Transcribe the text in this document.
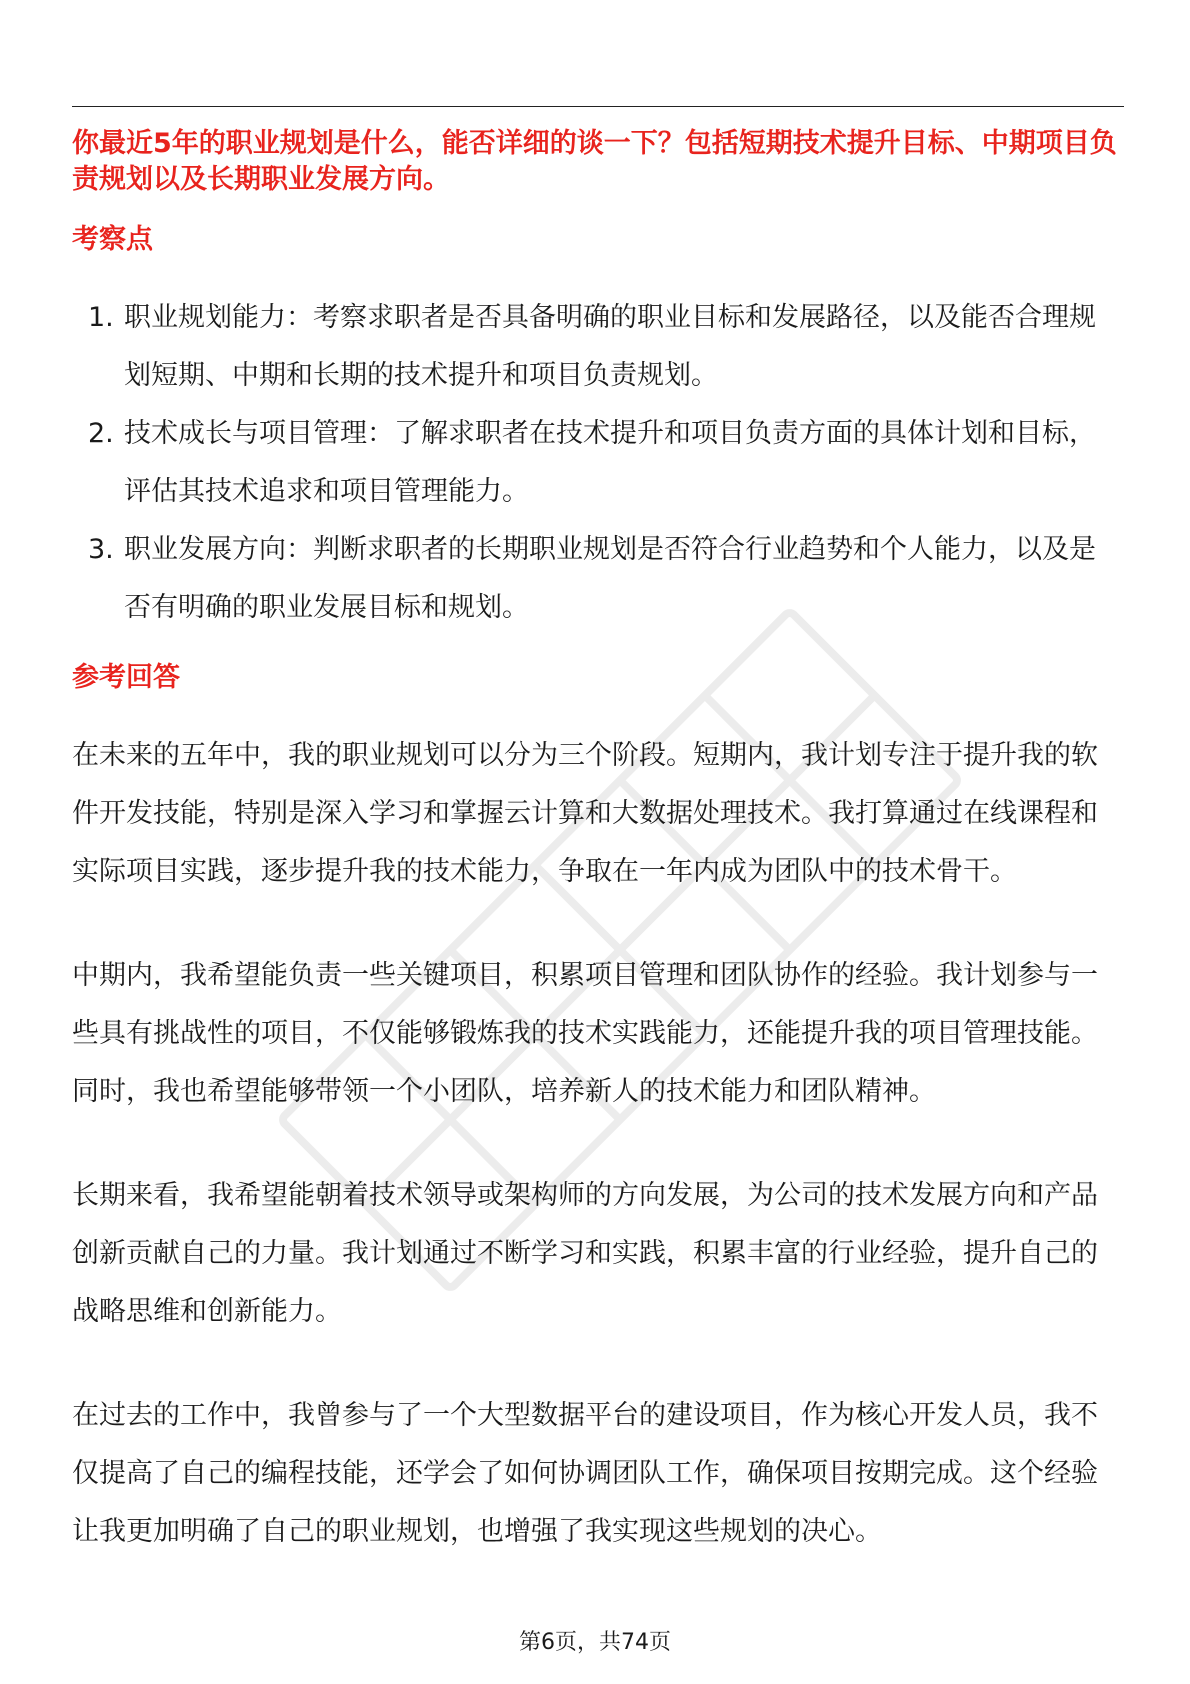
你最近5年的职业规划是什么，能否详细的谈一下？包括短期技术提升目标、中期项目负责规划以及长期职业发展方向。

考察点
1. 职业规划能力：考察求职者是否具备明确的职业目标和发展路径，以及能否合理规划短期、中期和长期的技术提升和项目负责规划。
2. 技术成长与项目管理：了解求职者在技术提升和项目负责方面的具体计划和目标，评估其技术追求和项目管理能力。
3. 职业发展方向：判断求职者的长期职业规划是否符合行业趋势和个人能力，以及是否有明确的职业发展目标和规划。
参考回答

在未来的五年中，我的职业规划可以分为三个阶段。短期内，我计划专注于提升我的软件开发技能，特别是深入学习和掌握云计算和大数据处理技术。我打算通过在线课程和实际项目实践，逐步提升我的技术能力，争取在一年内成为团队中的技术骨干。

中期内，我希望能负责一些关键项目，积累项目管理和团队协作的经验。我计划参与一些具有挑战性的项目，不仅能够锻炼我的技术实践能力，还能提升我的项目管理技能。同时，我也希望能够带领一个小团队，培养新人的技术能力和团队精神。

长期来看，我希望能朝着技术领导或架构师的方向发展，为公司的技术发展方向和产品创新贡献自己的力量。我计划通过不断学习和实践，积累丰富的行业经验，提升自己的战略思维和创新能力。

在过去的工作中，我曾参与了一个大型数据平台的建设项目，作为核心开发人员，我不仅提高了自己的编程技能，还学会了如何协调团队工作，确保项目按期完成。这个经验让我更加明确了自己的职业规划，也增强了我实现这些规划的决心。

第6页，共74页
